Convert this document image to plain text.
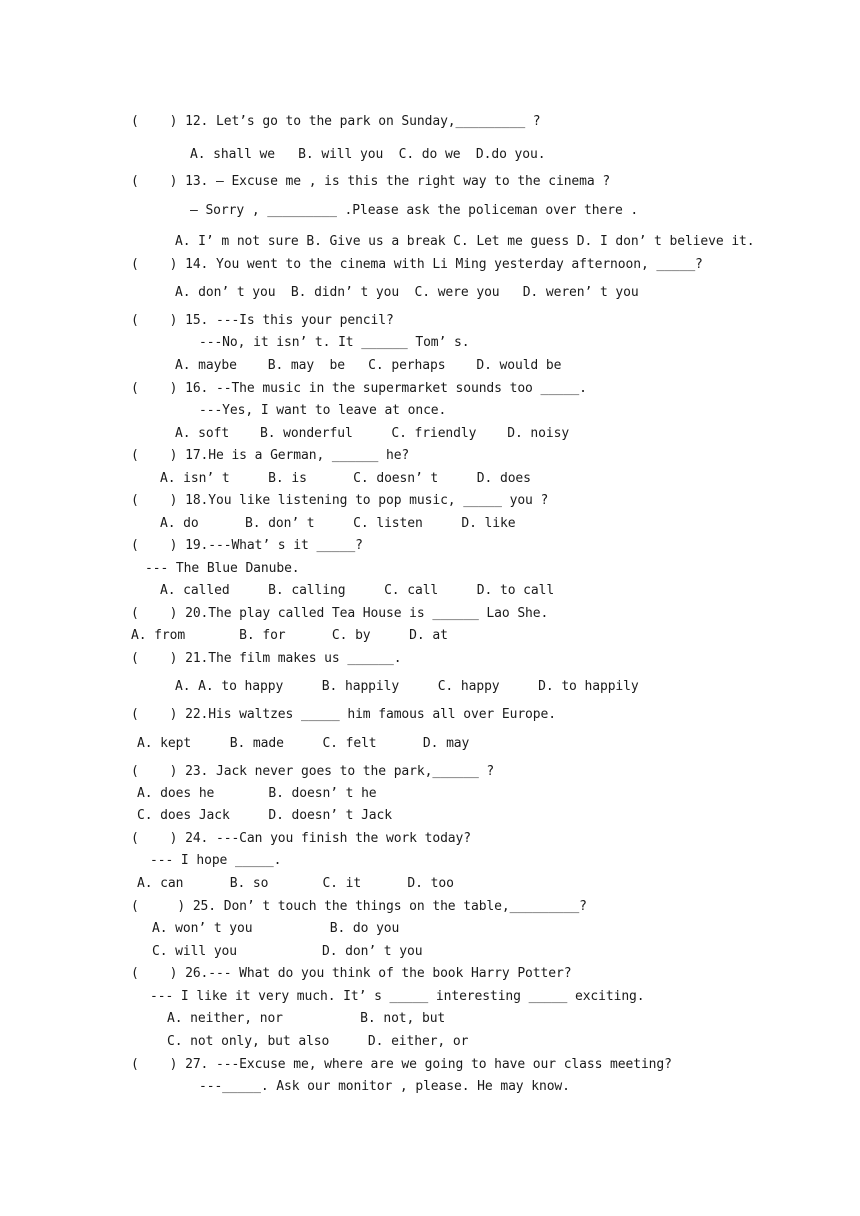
(    ) 12. Let’s go to the park on Sunday,_________ ?
A. shall we   B. will you  C. do we  D.do you.
(    ) 13. — Excuse me , is this the right way to the cinema ?
— Sorry , _________ .Please ask the policeman over there .
A. I’ m not sure B. Give us a break C. Let me guess D. I don’ t believe it.
(    ) 14. You went to the cinema with Li Ming yesterday afternoon, _____?
A. don’ t you  B. didn’ t you  C. were you   D. weren’ t you
(    ) 15. ---Is this your pencil?
---No, it isn’ t. It ______ Tom’ s.
A. maybe    B. may  be   C. perhaps    D. would be
(    ) 16. --The music in the supermarket sounds too _____.
---Yes, I want to leave at once.
A. soft    B. wonderful     C. friendly    D. noisy
(    ) 17.He is a German, ______ he?
A. isn’ t     B. is      C. doesn’ t     D. does
(    ) 18.You like listening to pop music, _____ you ?
A. do      B. don’ t     C. listen     D. like
(    ) 19.---What’ s it _____?
--- The Blue Danube.
A. called     B. calling     C. call     D. to call
(    ) 20.The play called Tea House is ______ Lao She.
A. from       B. for      C. by     D. at
(    ) 21.The film makes us ______.
A. A. to happy     B. happily     C. happy     D. to happily
(    ) 22.His waltzes _____ him famous all over Europe.
A. kept     B. made     C. felt      D. may
(    ) 23. Jack never goes to the park,______ ?
A. does he       B. doesn’ t he
C. does Jack     D. doesn’ t Jack
(    ) 24. ---Can you finish the work today?
--- I hope _____.
A. can      B. so       C. it      D. too
(     ) 25. Don’ t touch the things on the table,_________?
A. won’ t you          B. do you
C. will you           D. don’ t you
(    ) 26.--- What do you think of the book Harry Potter?
--- I like it very much. It’ s _____ interesting _____ exciting.
A. neither, nor          B. not, but
C. not only, but also     D. either, or
(    ) 27. ---Excuse me, where are we going to have our class meeting?
---_____. Ask our monitor , please. He may know.
